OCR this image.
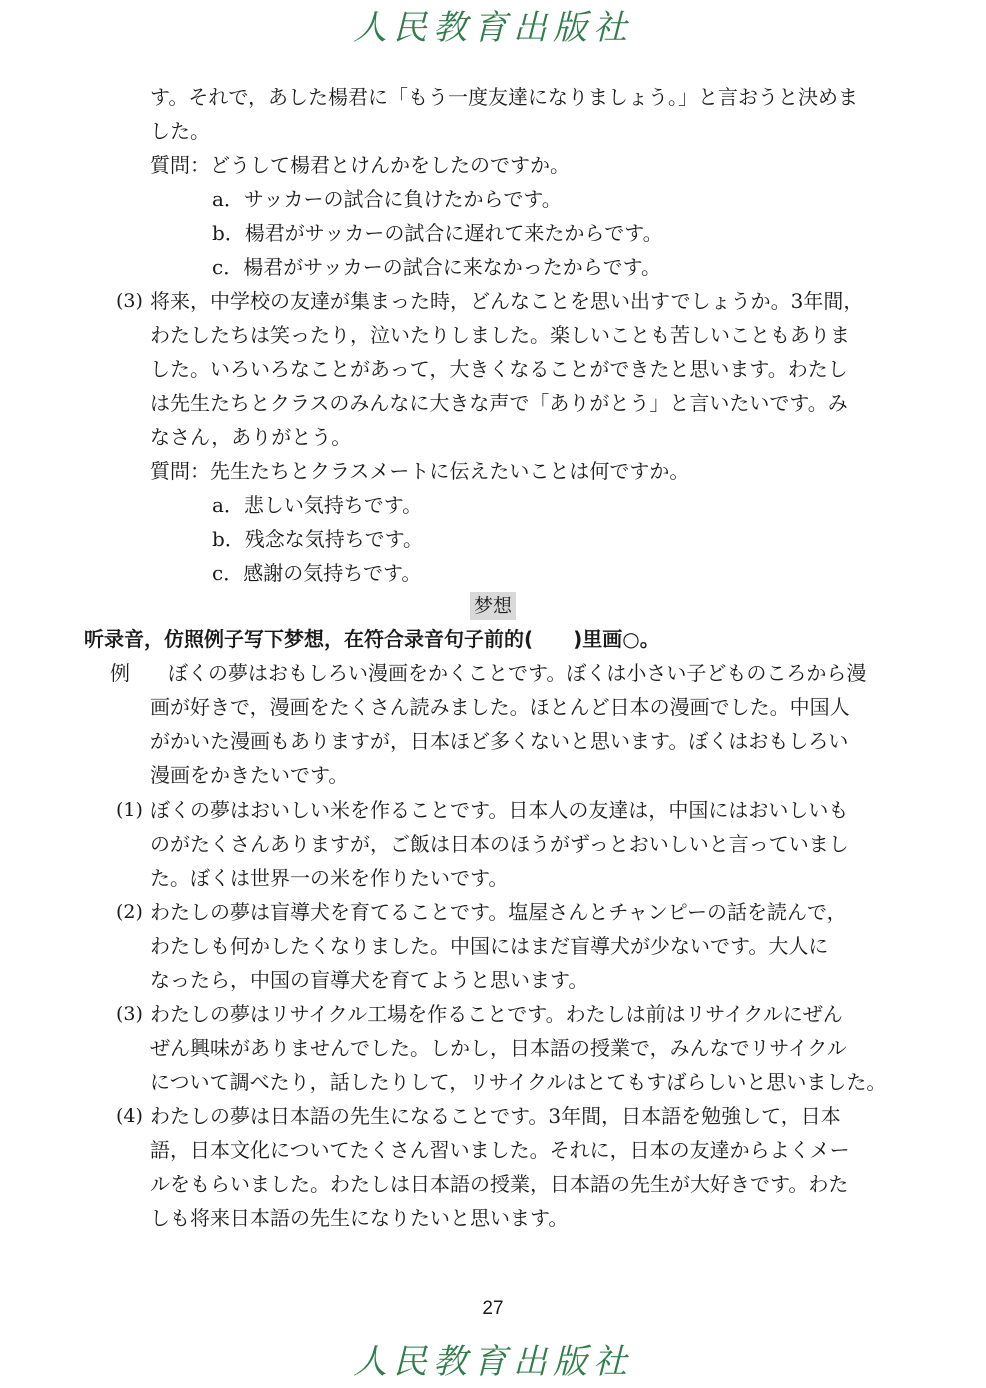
人民教育出版社
す。それで，あした楊君に「もう一度友達になりましょう。」と言おうと決めま
した。
質問：どうして楊君とけんかをしたのですか。
a．サッカーの試合に負けたからです。
b．楊君がサッカーの試合に遅れて来たからです。
c．楊君がサッカーの試合に来なかったからです。
(3) 将来，中学校の友達が集まった時，どんなことを思い出すでしょうか。3年間，
わたしたちは笑ったり，泣いたりしました。楽しいことも苦しいこともありま
した。いろいろなことがあって，大きくなることができたと思います。わたし
は先生たちとクラスのみんなに大きな声で「ありがとう」と言いたいです。み
なさん，ありがとう。
質問：先生たちとクラスメートに伝えたいことは何ですか。
a．悲しい気持ちです。
b．残念な気持ちです。
c．感謝の気持ちです。
梦想
听录音，仿照例子写下梦想，在符合录音句子前的(　　)里画○。
例 ぼくの夢はおもしろい漫画をかくことです。ぼくは小さい子どものころから漫
画が好きで，漫画をたくさん読みました。ほとんど日本の漫画でした。中国人
がかいた漫画もありますが，日本ほど多くないと思います。ぼくはおもしろい
漫画をかきたいです。
(1) ぼくの夢はおいしい米を作ることです。日本人の友達は，中国にはおいしいも
のがたくさんありますが，ご飯は日本のほうがずっとおいしいと言っていまし
た。ぼくは世界一の米を作りたいです。
(2) わたしの夢は盲導犬を育てることです。塩屋さんとチャンピーの話を読んで，
わたしも何かしたくなりました。中国にはまだ盲導犬が少ないです。大人に
なったら，中国の盲導犬を育てようと思います。
(3) わたしの夢はリサイクル工場を作ることです。わたしは前はリサイクルにぜん
ぜん興味がありませんでした。しかし，日本語の授業で，みんなでリサイクル
について調べたり，話したりして，リサイクルはとてもすばらしいと思いました。
(4) わたしの夢は日本語の先生になることです。3年間，日本語を勉強して，日本
語，日本文化についてたくさん習いました。それに，日本の友達からよくメー
ルをもらいました。わたしは日本語の授業，日本語の先生が大好きです。わた
しも将来日本語の先生になりたいと思います。
27
人民教育出版社
